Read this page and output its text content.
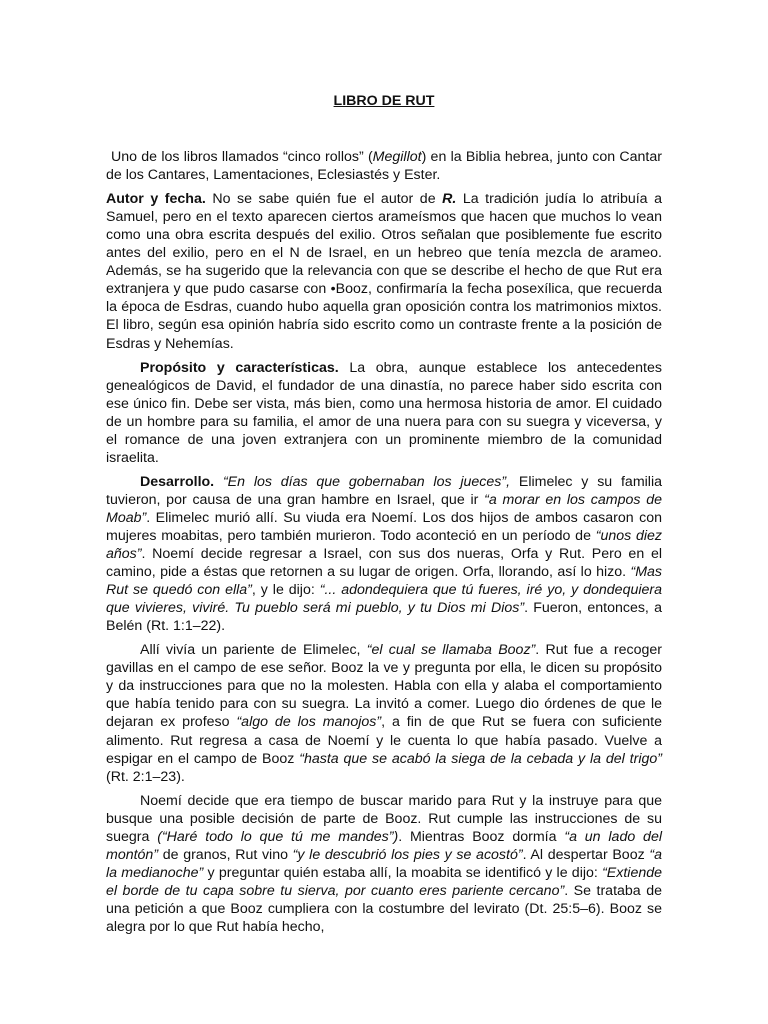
LIBRO DE RUT

Uno de los libros llamados “cinco rollos” (Megillot) en la Biblia hebrea, junto con Cantar de los Cantares, Lamentaciones, Eclesiastés y Ester.

Autor y fecha. No se sabe quién fue el autor de R. La tradición judía lo atribuía a Samuel, pero en el texto aparecen ciertos arameísmos que hacen que muchos lo vean como una obra escrita después del exilio. Otros señalan que posiblemente fue escrito antes del exilio, pero en el N de Israel, en un hebreo que tenía mezcla de arameo. Además, se ha sugerido que la relevancia con que se describe el hecho de que Rut era extranjera y que pudo casarse con •Booz, confirmaría la fecha posexílica, que recuerda la época de Esdras, cuando hubo aquella gran oposición contra los matrimonios mixtos. El libro, según esa opinión habría sido escrito como un contraste frente a la posición de Esdras y Nehemías.

Propósito y características. La obra, aunque establece los antecedentes genealógicos de David, el fundador de una dinastía, no parece haber sido escrita con ese único fin. Debe ser vista, más bien, como una hermosa historia de amor. El cuidado de un hombre para su familia, el amor de una nuera para con su suegra y viceversa, y el romance de una joven extranjera con un prominente miembro de la comunidad israelita.

Desarrollo. “En los días que gobernaban los jueces”, Elimelec y su familia tuvieron, por causa de una gran hambre en Israel, que ir “a morar en los campos de Moab”. Elimelec murió allí. Su viuda era Noemí. Los dos hijos de ambos casaron con mujeres moabitas, pero también murieron. Todo aconteció en un período de “unos diez años”. Noemí decide regresar a Israel, con sus dos nueras, Orfa y Rut. Pero en el camino, pide a éstas que retornen a su lugar de origen. Orfa, llorando, así lo hizo. “Mas Rut se quedó con ella”, y le dijo: “... adondequiera que tú fueres, iré yo, y dondequiera que vivieres, viviré. Tu pueblo será mi pueblo, y tu Dios mi Dios”. Fueron, entonces, a Belén (Rt. 1:1–22).

Allí vivía un pariente de Elimelec, “el cual se llamaba Booz”. Rut fue a recoger gavillas en el campo de ese señor. Booz la ve y pregunta por ella, le dicen su propósito y da instrucciones para que no la molesten. Habla con ella y alaba el comportamiento que había tenido para con su suegra. La invitó a comer. Luego dio órdenes de que le dejaran ex profeso “algo de los manojos”, a fin de que Rut se fuera con suficiente alimento. Rut regresa a casa de Noemí y le cuenta lo que había pasado. Vuelve a espigar en el campo de Booz “hasta que se acabó la siega de la cebada y la del trigo” (Rt. 2:1–23).

Noemí decide que era tiempo de buscar marido para Rut y la instruye para que busque una posible decisión de parte de Booz. Rut cumple las instrucciones de su suegra (“Haré todo lo que tú me mandes”). Mientras Booz dormía “a un lado del montón” de granos, Rut vino “y le descubrió los pies y se acostó”. Al despertar Booz “a la medianoche” y preguntar quién estaba allí, la moabita se identificó y le dijo: “Extiende el borde de tu capa sobre tu sierva, por cuanto eres pariente cercano”. Se trataba de una petición a que Booz cumpliera con la costumbre del levirato (Dt. 25:5–6). Booz se alegra por lo que Rut había hecho,
